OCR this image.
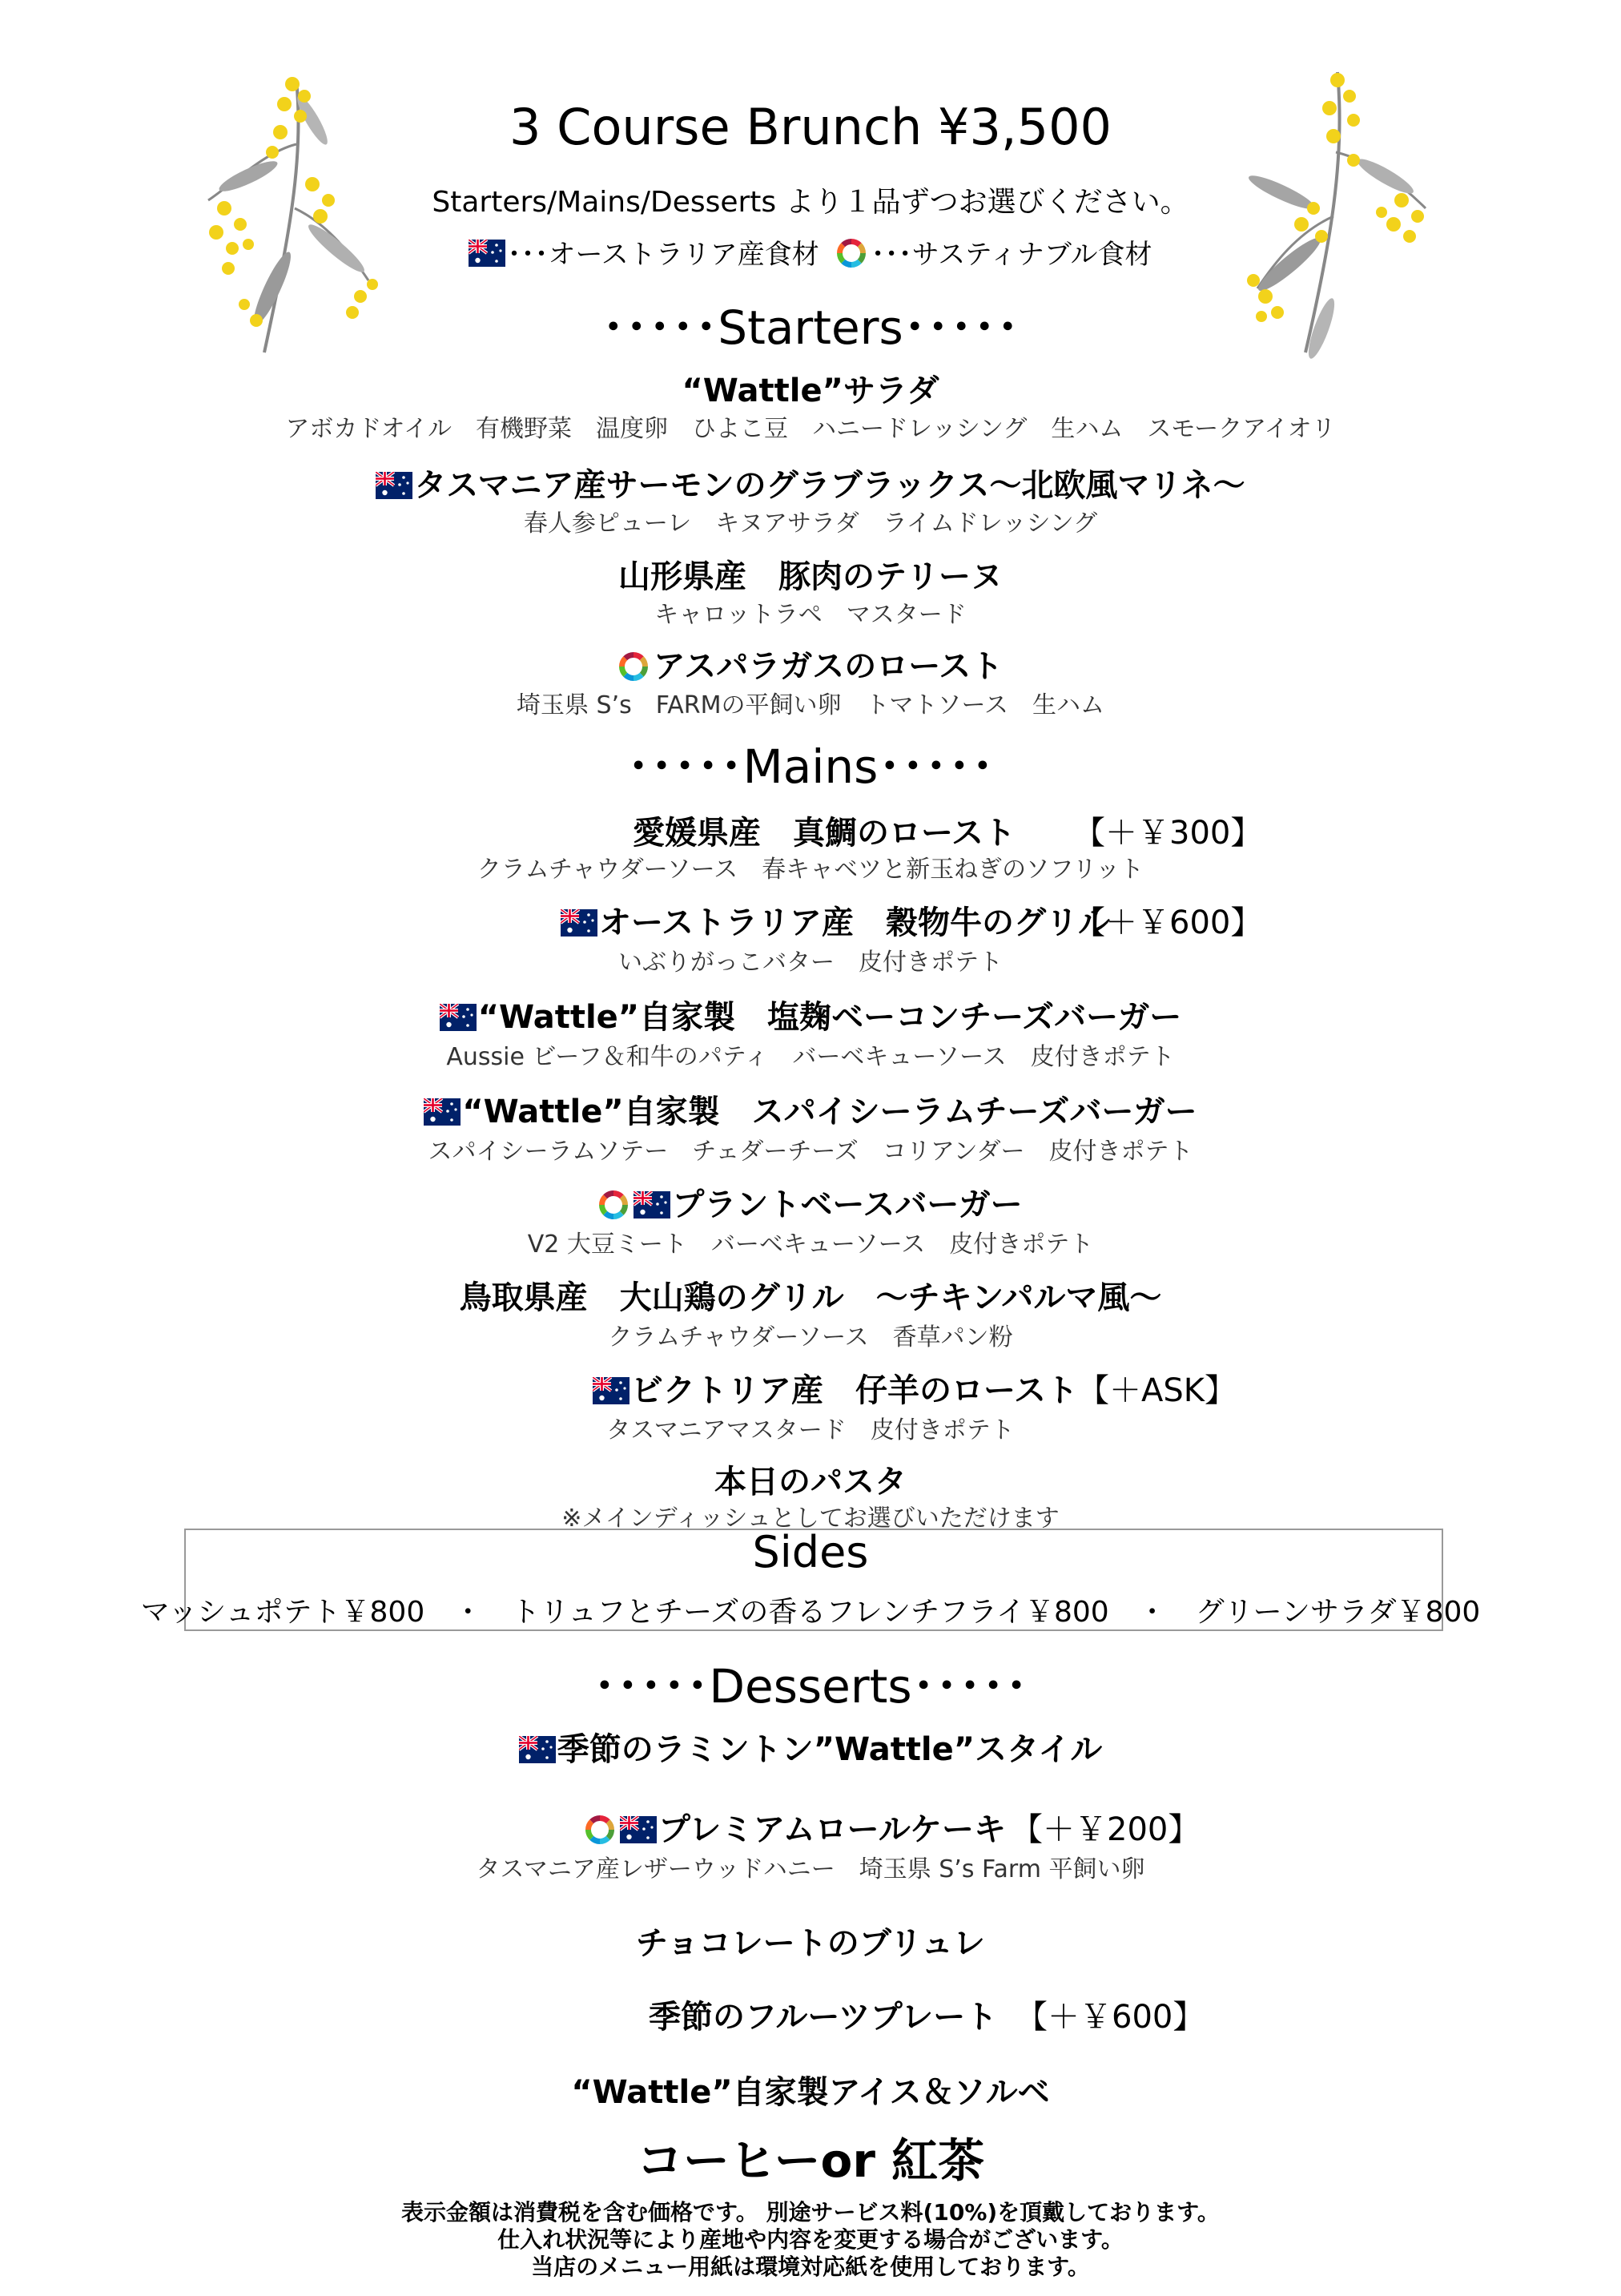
3 Course Brunch ¥3,500
Starters/Mains/Desserts より１品ずつお選びください。
･･･オーストラリア産食材 ･･･サスティナブル食材
･････Starters･････
“Wattle”サラダ
アボカドオイル　有機野菜　温度卵　ひよこ豆　ハニードレッシング　生ハム　スモークアイオリ
タスマニア産サーモンのグラブラックス～北欧風マリネ～
春人参ピューレ　キヌアサラダ　ライムドレッシング
山形県産　豚肉のテリーヌ
キャロットラペ　マスタード
アスパラガスのロースト
埼玉県 S’s　FARMの平飼い卵　トマトソース　生ハム
･････Mains･････
愛媛県産　真鯛のロースト 【＋￥300】
クラムチャウダーソース　春キャベツと新玉ねぎのソフリット
オーストラリア産　穀物牛のグリル
【＋￥600】
いぶりがっこバター　皮付きポテト
“Wattle”自家製　塩麹ベーコンチーズバーガー
Aussie ビーフ＆和牛のパティ　バーベキューソース　皮付きポテト
“Wattle”自家製　スパイシーラムチーズバーガー
スパイシーラムソテー　チェダーチーズ　コリアンダー　皮付きポテト
プラントベースバーガー
V2 大豆ミート　バーベキューソース　皮付きポテト
鳥取県産　大山鶏のグリル　～チキンパルマ風～
クラムチャウダーソース　香草パン粉
ビクトリア産　仔羊のロースト 【＋ASK】
タスマニアマスタード　皮付きポテト
本日のパスタ
※メインディッシュとしてお選びいただけます
Sides
マッシュポテト￥800　・　トリュフとチーズの香るフレンチフライ￥800　・　グリーンサラダ￥800
･････Desserts･････
季節のラミントン”Wattle”スタイル
プレミアムロールケーキ 【＋￥200】
タスマニア産レザーウッドハニー　埼玉県 S’s Farm 平飼い卵
チョコレートのブリュレ
季節のフルーツプレート 【＋￥600】
“Wattle”自家製アイス＆ソルベ
コーヒーor 紅茶
表示金額は消費税を含む価格です。 別途サービス料(10%)を頂戴しております。
仕入れ状況等により産地や内容を変更する場合がございます。
当店のメニュー用紙は環境対応紙を使用しております。
